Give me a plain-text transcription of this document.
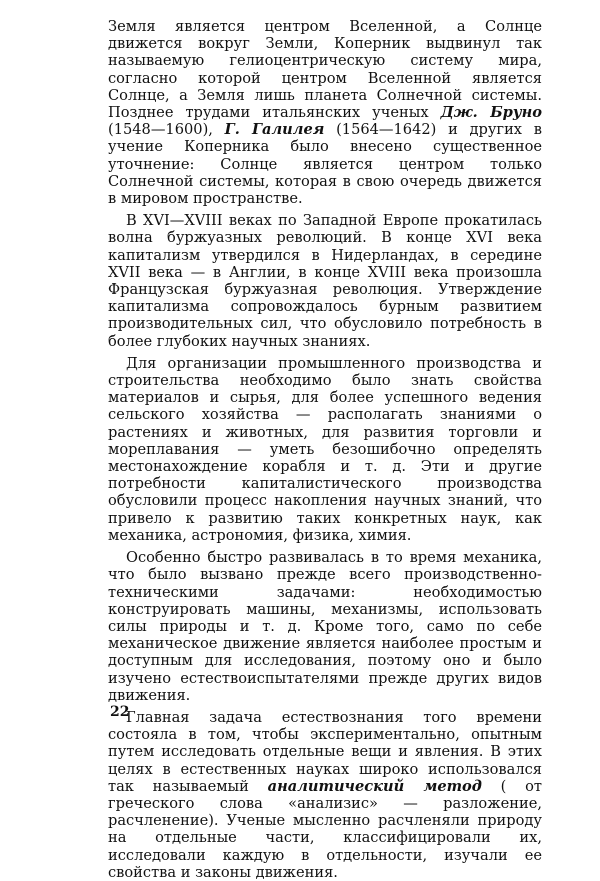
Земля является центром Вселенной, а Солнце движется вокруг Земли, Коперник выдвинул так называемую гелиоцентрическую систему мира, согласно которой центром Вселенной является Солнце, а Земля лишь планета Солнечной системы. Позднее трудами итальянских ученых Дж. Бруно (1548—1600), Г. Галилея (1564—1642) и других в учение Коперника было внесено существенное уточнение: Солнце является центром только Солнечной системы, которая в свою очередь движется в мировом пространстве.

В XVI—XVIII веках по Западной Европе прокатилась волна буржуазных революций. В конце XVI века капитализм утвердился в Нидерландах, в середине XVII века — в Англии, в конце XVIII века произошла Французская буржуазная революция. Утверждение капитализма сопровождалось бурным развитием производительных сил, что обусловило потребность в более глубоких научных знаниях.

Для организации промышленного производства и строительства необходимо было знать свойства материалов и сырья, для более успешного ведения сельского хозяйства — располагать знаниями о растениях и животных, для развития торговли и мореплавания — уметь безошибочно определять местонахождение корабля и т. д. Эти и другие потребности капиталистического производства обусловили процесс накопления научных знаний, что привело к развитию таких конкретных наук, как механика, астрономия, физика, химия.

Особенно быстро развивалась в то время механика, что было вызвано прежде всего производственно-техническими задачами: необходимостью конструировать машины, механизмы, использовать силы природы и т. д. Кроме того, само по себе механическое движение является наиболее простым и доступным для исследования, поэтому оно и было изучено естествоиспытателями прежде других видов движения.

Главная задача естествознания того времени состояла в том, чтобы экспериментально, опытным путем исследовать отдельные вещи и явления. В этих целях в естественных науках широко использовался так называемый аналитический метод ( от греческого слова «анализис» — разложение, расчленение). Ученые мысленно расчленяли природу на отдельные части, классифицировали их, исследовали каждую в отдельности, изучали ее свойства и законы движения.

22
